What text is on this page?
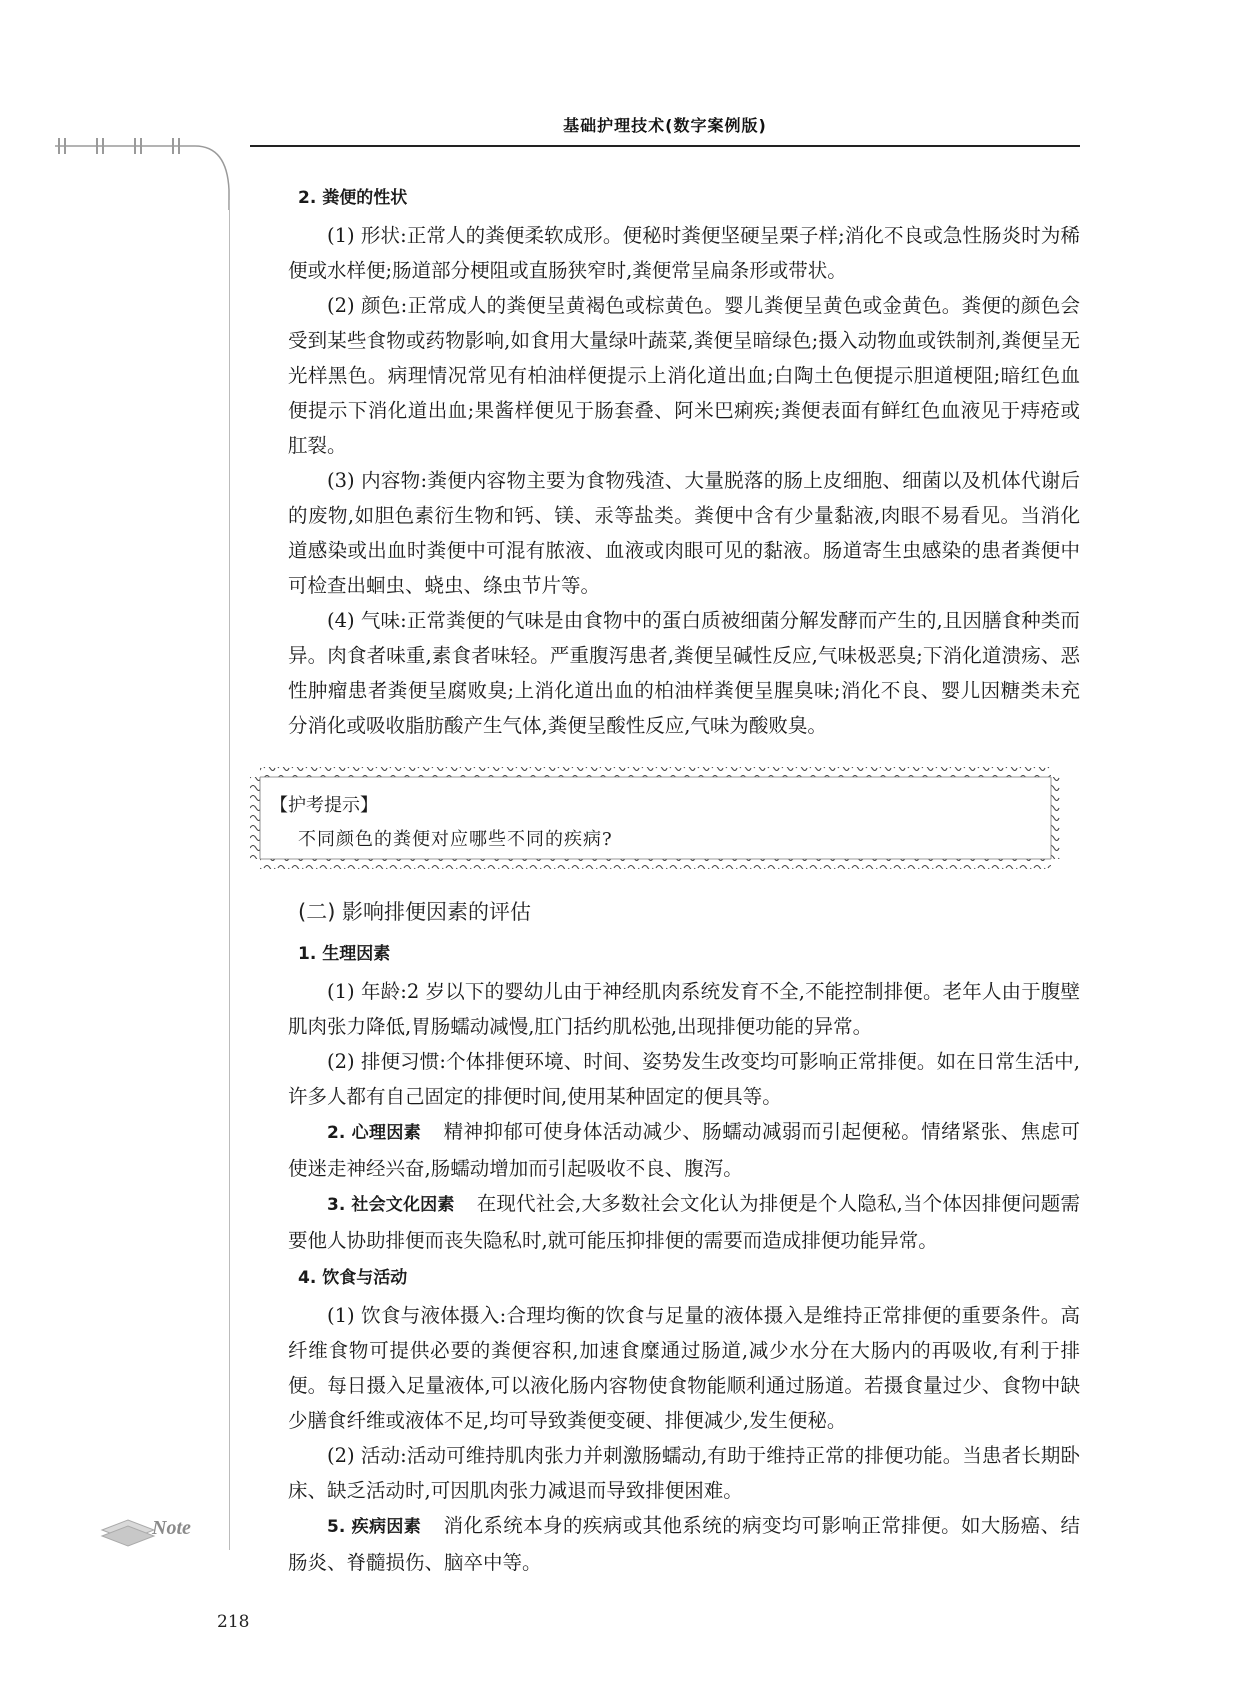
基础护理技术(数字案例版)

2. 粪便的性状

(1) 形状:正常人的粪便柔软成形。便秘时粪便坚硬呈栗子样;消化不良或急性肠炎时为稀便或水样便;肠道部分梗阻或直肠狭窄时,粪便常呈扁条形或带状。

(2) 颜色:正常成人的粪便呈黄褐色或棕黄色。婴儿粪便呈黄色或金黄色。粪便的颜色会受到某些食物或药物影响,如食用大量绿叶蔬菜,粪便呈暗绿色;摄入动物血或铁制剂,粪便呈无光样黑色。病理情况常见有柏油样便提示上消化道出血;白陶土色便提示胆道梗阻;暗红色血便提示下消化道出血;果酱样便见于肠套叠、阿米巴痢疾;粪便表面有鲜红色血液见于痔疮或肛裂。

(3) 内容物:粪便内容物主要为食物残渣、大量脱落的肠上皮细胞、细菌以及机体代谢后的废物,如胆色素衍生物和钙、镁、汞等盐类。粪便中含有少量黏液,肉眼不易看见。当消化道感染或出血时粪便中可混有脓液、血液或肉眼可见的黏液。肠道寄生虫感染的患者粪便中可检查出蛔虫、蛲虫、绦虫节片等。

(4) 气味:正常粪便的气味是由食物中的蛋白质被细菌分解发酵而产生的,且因膳食种类而异。肉食者味重,素食者味轻。严重腹泻患者,粪便呈碱性反应,气味极恶臭;下消化道溃疡、恶性肿瘤患者粪便呈腐败臭;上消化道出血的柏油样粪便呈腥臭味;消化不良、婴儿因糖类未充分消化或吸收脂肪酸产生气体,粪便呈酸性反应,气味为酸败臭。

【护考提示】
不同颜色的粪便对应哪些不同的疾病?

(二) 影响排便因素的评估

1. 生理因素

(1) 年龄:2 岁以下的婴幼儿由于神经肌肉系统发育不全,不能控制排便。老年人由于腹壁肌肉张力降低,胃肠蠕动减慢,肛门括约肌松弛,出现排便功能的异常。

(2) 排便习惯:个体排便环境、时间、姿势发生改变均可影响正常排便。如在日常生活中,许多人都有自己固定的排便时间,使用某种固定的便具等。

2. 心理因素 精神抑郁可使身体活动减少、肠蠕动减弱而引起便秘。情绪紧张、焦虑可使迷走神经兴奋,肠蠕动增加而引起吸收不良、腹泻。

3. 社会文化因素 在现代社会,大多数社会文化认为排便是个人隐私,当个体因排便问题需要他人协助排便而丧失隐私时,就可能压抑排便的需要而造成排便功能异常。

4. 饮食与活动

(1) 饮食与液体摄入:合理均衡的饮食与足量的液体摄入是维持正常排便的重要条件。高纤维食物可提供必要的粪便容积,加速食糜通过肠道,减少水分在大肠内的再吸收,有利于排便。每日摄入足量液体,可以液化肠内容物使食物能顺利通过肠道。若摄食量过少、食物中缺少膳食纤维或液体不足,均可导致粪便变硬、排便减少,发生便秘。

(2) 活动:活动可维持肌肉张力并刺激肠蠕动,有助于维持正常的排便功能。当患者长期卧床、缺乏活动时,可因肌肉张力减退而导致排便困难。

5. 疾病因素 消化系统本身的疾病或其他系统的病变均可影响正常排便。如大肠癌、结肠炎、脊髓损伤、脑卒中等。

Note
218
